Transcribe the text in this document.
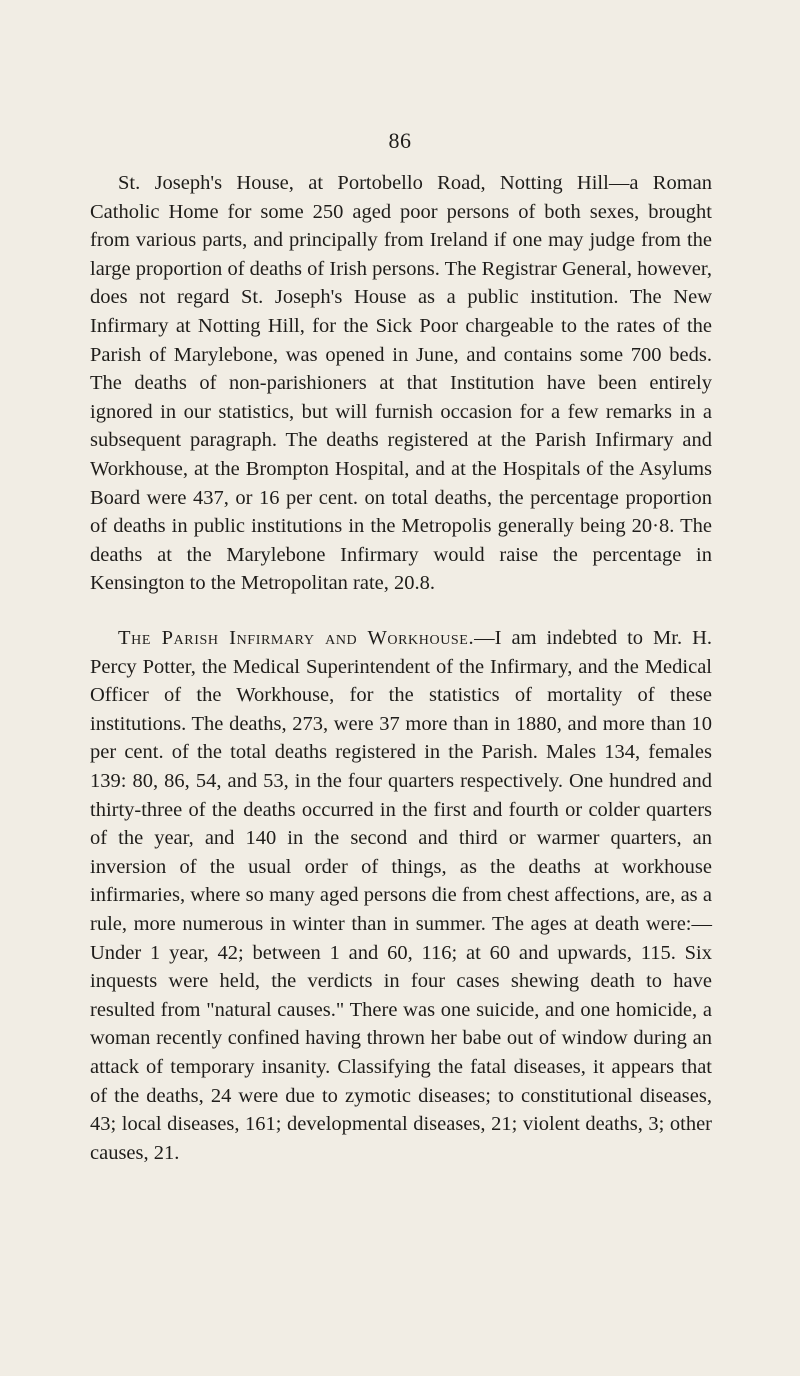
86

St. Joseph's House, at Portobello Road, Notting Hill—a Roman Catholic Home for some 250 aged poor persons of both sexes, brought from various parts, and principally from Ireland if one may judge from the large proportion of deaths of Irish persons. The Registrar General, however, does not regard St. Joseph's House as a public institution. The New Infirmary at Notting Hill, for the Sick Poor chargeable to the rates of the Parish of Marylebone, was opened in June, and contains some 700 beds. The deaths of non-parishioners at that Institution have been entirely ignored in our statistics, but will furnish occasion for a few remarks in a subsequent paragraph. The deaths registered at the Parish Infirmary and Workhouse, at the Brompton Hospital, and at the Hospitals of the Asylums Board were 437, or 16 per cent. on total deaths, the percentage proportion of deaths in public institutions in the Metropolis generally being 20·8. The deaths at the Marylebone Infirmary would raise the percentage in Kensington to the Metropolitan rate, 20.8.

The Parish Infirmary and Workhouse.—I am indebted to Mr. H. Percy Potter, the Medical Superintendent of the Infirmary, and the Medical Officer of the Workhouse, for the statistics of mortality of these institutions. The deaths, 273, were 37 more than in 1880, and more than 10 per cent. of the total deaths registered in the Parish. Males 134, females 139: 80, 86, 54, and 53, in the four quarters respectively. One hundred and thirty-three of the deaths occurred in the first and fourth or colder quarters of the year, and 140 in the second and third or warmer quarters, an inversion of the usual order of things, as the deaths at workhouse infirmaries, where so many aged persons die from chest affections, are, as a rule, more numerous in winter than in summer. The ages at death were:—Under 1 year, 42; between 1 and 60, 116; at 60 and upwards, 115. Six inquests were held, the verdicts in four cases shewing death to have resulted from "natural causes." There was one suicide, and one homicide, a woman recently confined having thrown her babe out of window during an attack of temporary insanity. Classifying the fatal diseases, it appears that of the deaths, 24 were due to zymotic diseases; to constitutional diseases, 43; local diseases, 161; developmental diseases, 21; violent deaths, 3; other causes, 21.
